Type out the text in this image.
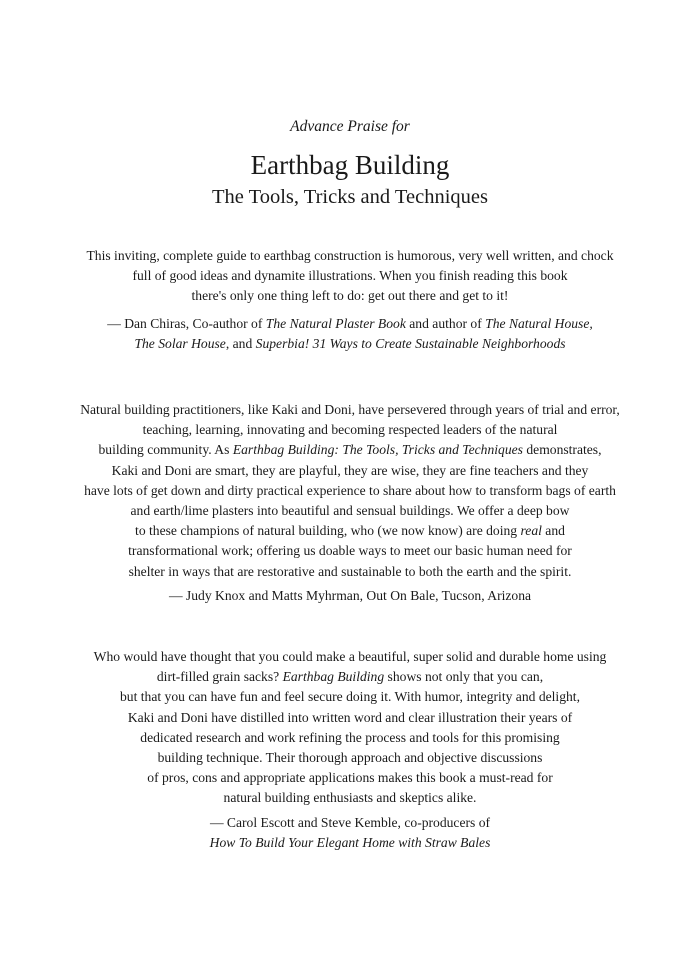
Advance Praise for
Earthbag Building
The Tools, Tricks and Techniques
This inviting, complete guide to earthbag construction is humorous, very well written, and chock
full of good ideas and dynamite illustrations. When you finish reading this book
there's only one thing left to do: get out there and get to it!
— Dan Chiras, Co-author of The Natural Plaster Book and author of The Natural House,
The Solar House, and Superbia! 31 Ways to Create Sustainable Neighborhoods
Natural building practitioners, like Kaki and Doni, have persevered through years of trial and error,
teaching, learning, innovating and becoming respected leaders of the natural
building community. As Earthbag Building: The Tools, Tricks and Techniques demonstrates,
Kaki and Doni are smart, they are playful, they are wise, they are fine teachers and they
have lots of get down and dirty practical experience to share about how to transform bags of earth
and earth/lime plasters into beautiful and sensual buildings. We offer a deep bow
to these champions of natural building, who (we now know) are doing real and
transformational work; offering us doable ways to meet our basic human need for
shelter in ways that are restorative and sustainable to both the earth and the spirit.
— Judy Knox and Matts Myhrman, Out On Bale, Tucson, Arizona
Who would have thought that you could make a beautiful, super solid and durable home using
dirt-filled grain sacks? Earthbag Building shows not only that you can,
but that you can have fun and feel secure doing it. With humor, integrity and delight,
Kaki and Doni have distilled into written word and clear illustration their years of
dedicated research and work refining the process and tools for this promising
building technique. Their thorough approach and objective discussions
of pros, cons and appropriate applications makes this book a must-read for
natural building enthusiasts and skeptics alike.
— Carol Escott and Steve Kemble, co-producers of
How To Build Your Elegant Home with Straw Bales
